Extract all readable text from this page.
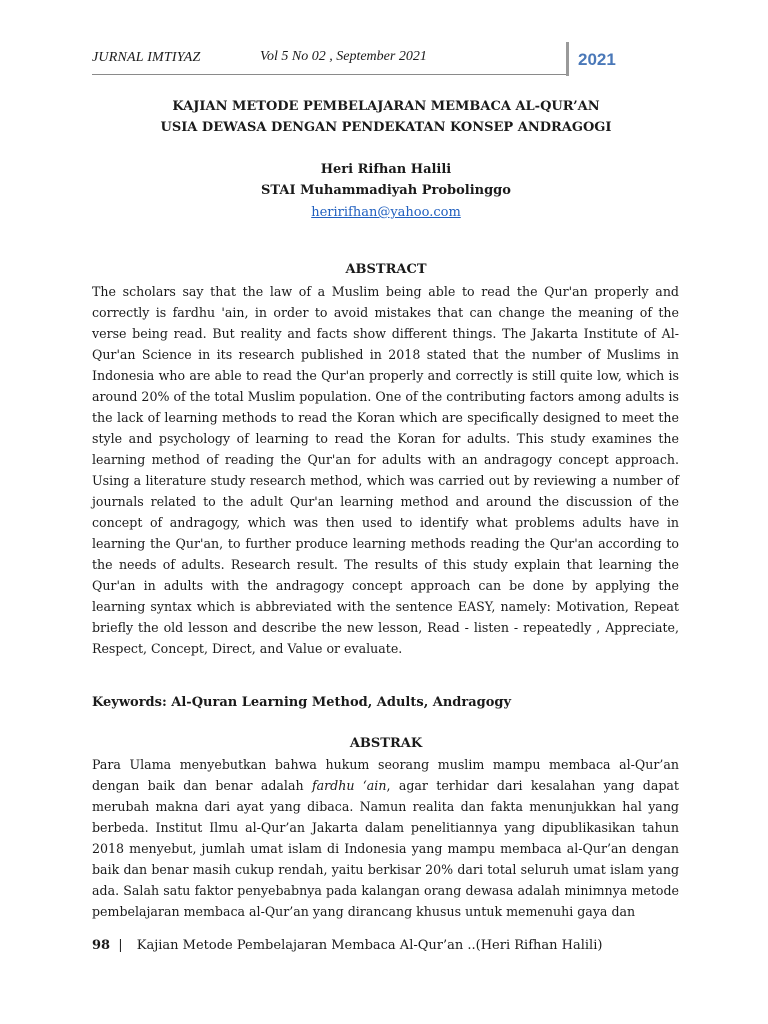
JURNAL IMTIYAZ	Vol 5 No 02 , September 2021	2021
KAJIAN METODE PEMBELAJARAN MEMBACA AL-QUR’AN
USIA DEWASA DENGAN PENDEKATAN KONSEP ANDRAGOGI
Heri Rifhan Halili
STAI Muhammadiyah Probolinggo
heririfhan@yahoo.com
ABSTRACT

The scholars say that the law of a Muslim being able to read the Qur'an properly and correctly is fardhu 'ain, in order to avoid mistakes that can change the meaning of the verse being read. But reality and facts show different things. The Jakarta Institute of Al-Qur'an Science in its research published in 2018 stated that the number of Muslims in Indonesia who are able to read the Qur'an properly and correctly is still quite low, which is around 20% of the total Muslim population. One of the contributing factors among adults is the lack of learning methods to read the Koran which are specifically designed to meet the style and psychology of learning to read the Koran for adults. This study examines the learning method of reading the Qur'an for adults with an andragogy concept approach. Using a literature study research method, which was carried out by reviewing a number of journals related to the adult Qur'an learning method and around the discussion of the concept of andragogy, which was then used to identify what problems adults have in learning the Qur'an, to further produce learning methods reading the Qur'an according to the needs of adults. Research result. The results of this study explain that learning the Qur'an in adults with the andragogy concept approach can be done by applying the learning syntax which is abbreviated with the sentence EASY, namely: Motivation, Repeat briefly the old lesson and describe the new lesson, Read - listen - repeatedly , Appreciate, Respect, Concept, Direct, and Value or evaluate.

Keywords: Al-Quran Learning Method, Adults, Andragogy
ABSTRAK

Para Ulama menyebutkan bahwa hukum seorang muslim mampu membaca al-Qur’an dengan baik dan benar adalah fardhu ‘ain, agar terhidar dari kesalahan yang dapat merubah makna dari ayat yang dibaca. Namun realita dan fakta menunjukkan hal yang berbeda. Institut Ilmu al-Qur’an Jakarta dalam penelitiannya yang dipublikasikan tahun 2018 menyebut, jumlah umat islam di Indonesia yang mampu membaca al-Qur’an dengan baik dan benar masih cukup rendah, yaitu berkisar 20% dari total seluruh umat islam yang ada. Salah satu faktor penyebabnya pada kalangan orang dewasa adalah minimnya metode pembelajaran membaca al-Qur’an yang dirancang khusus untuk memenuhi gaya dan

98 | Kajian Metode Pembelajaran Membaca Al-Qur’an ..(Heri Rifhan Halili)
